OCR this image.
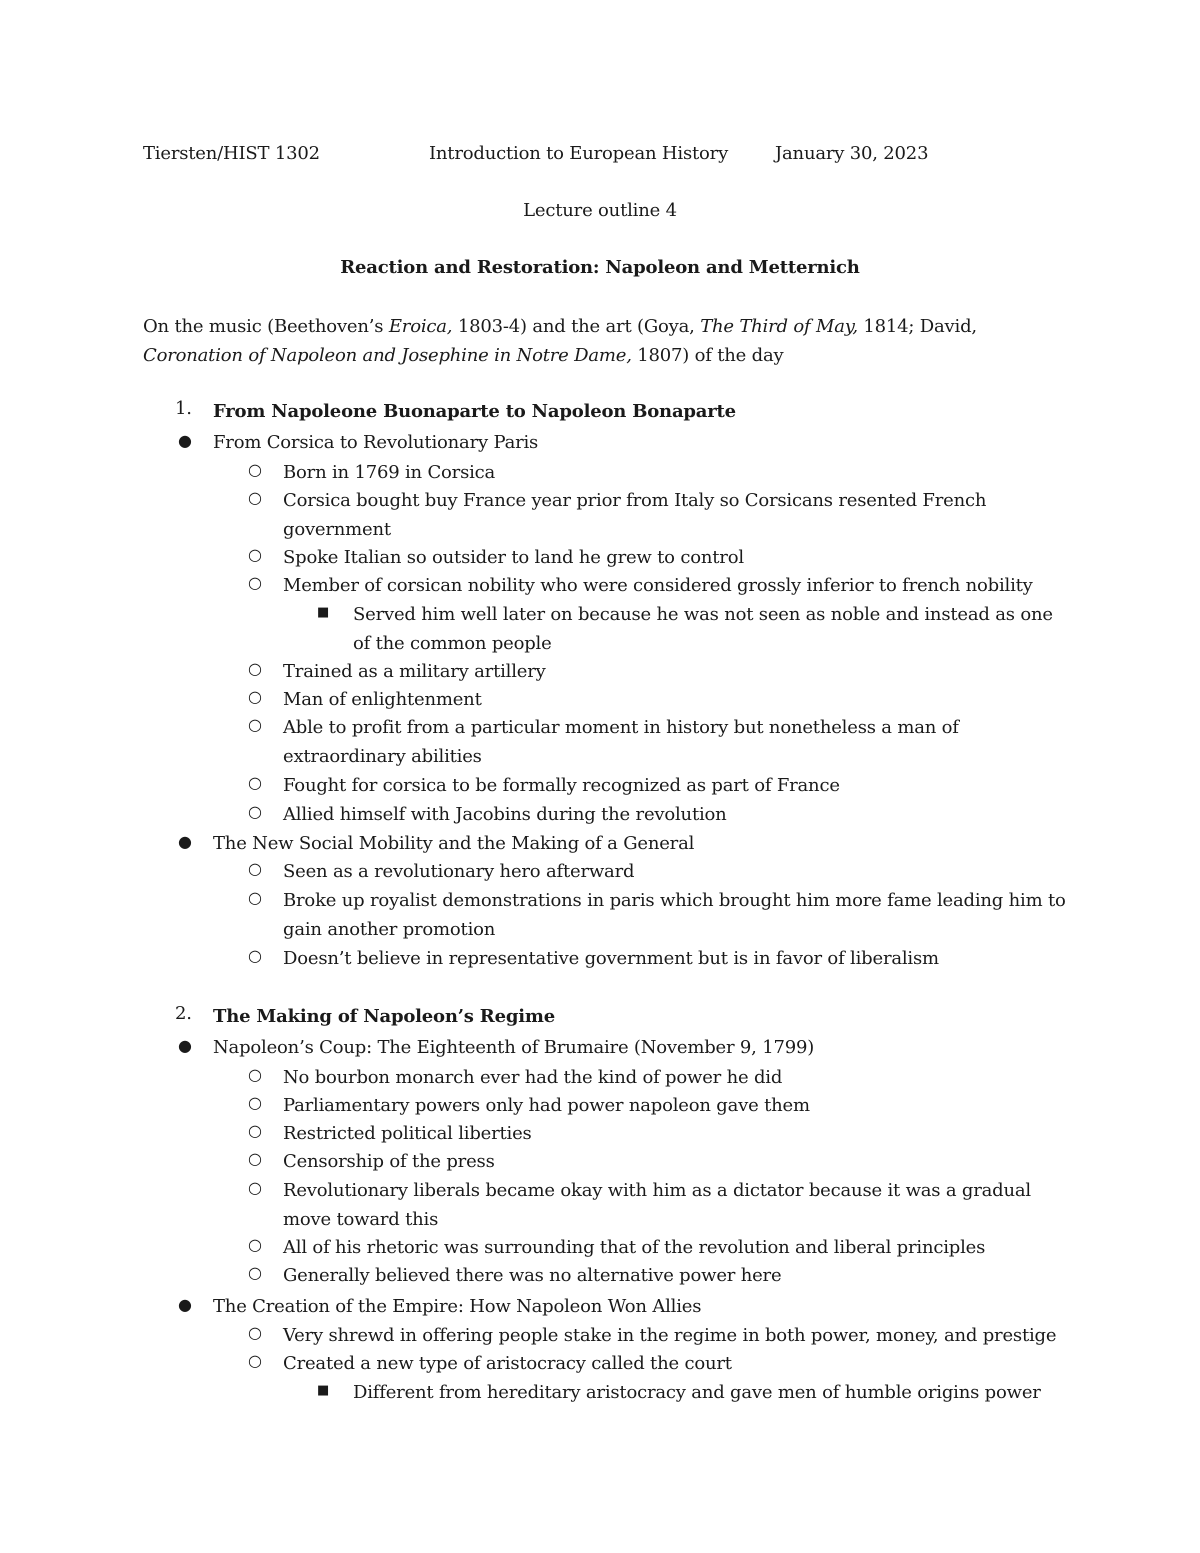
Tiersten/HIST 1302	Introduction to European History	January 30, 2023
Lecture outline 4
Reaction and Restoration: Napoleon and Metternich
On the music (Beethoven’s Eroica, 1803-4) and the art (Goya, The Third of May, 1814; David,
Coronation of Napoleon and Josephine in Notre Dame, 1807) of the day
1. From Napoleone Buonaparte to Napoleon Bonaparte
● From Corsica to Revolutionary Paris
○ Born in 1769 in Corsica
○ Corsica bought buy France year prior from Italy so Corsicans resented French government
○ Spoke Italian so outsider to land he grew to control
○ Member of corsican nobility who were considered grossly inferior to french nobility
■ Served him well later on because he was not seen as noble and instead as one of the common people
○ Trained as a military artillery
○ Man of enlightenment
○ Able to profit from a particular moment in history but nonetheless a man of extraordinary abilities
○ Fought for corsica to be formally recognized as part of France
○ Allied himself with Jacobins during the revolution
● The New Social Mobility and the Making of a General
○ Seen as a revolutionary hero afterward
○ Broke up royalist demonstrations in paris which brought him more fame leading him to gain another promotion
○ Doesn’t believe in representative government but is in favor of liberalism
2. The Making of Napoleon’s Regime
● Napoleon’s Coup: The Eighteenth of Brumaire (November 9, 1799)
○ No bourbon monarch ever had the kind of power he did
○ Parliamentary powers only had power napoleon gave them
○ Restricted political liberties
○ Censorship of the press
○ Revolutionary liberals became okay with him as a dictator because it was a gradual move toward this
○ All of his rhetoric was surrounding that of the revolution and liberal principles
○ Generally believed there was no alternative power here
● The Creation of the Empire: How Napoleon Won Allies
○ Very shrewd in offering people stake in the regime in both power, money, and prestige
○ Created a new type of aristocracy called the court
■ Different from hereditary aristocracy and gave men of humble origins power
